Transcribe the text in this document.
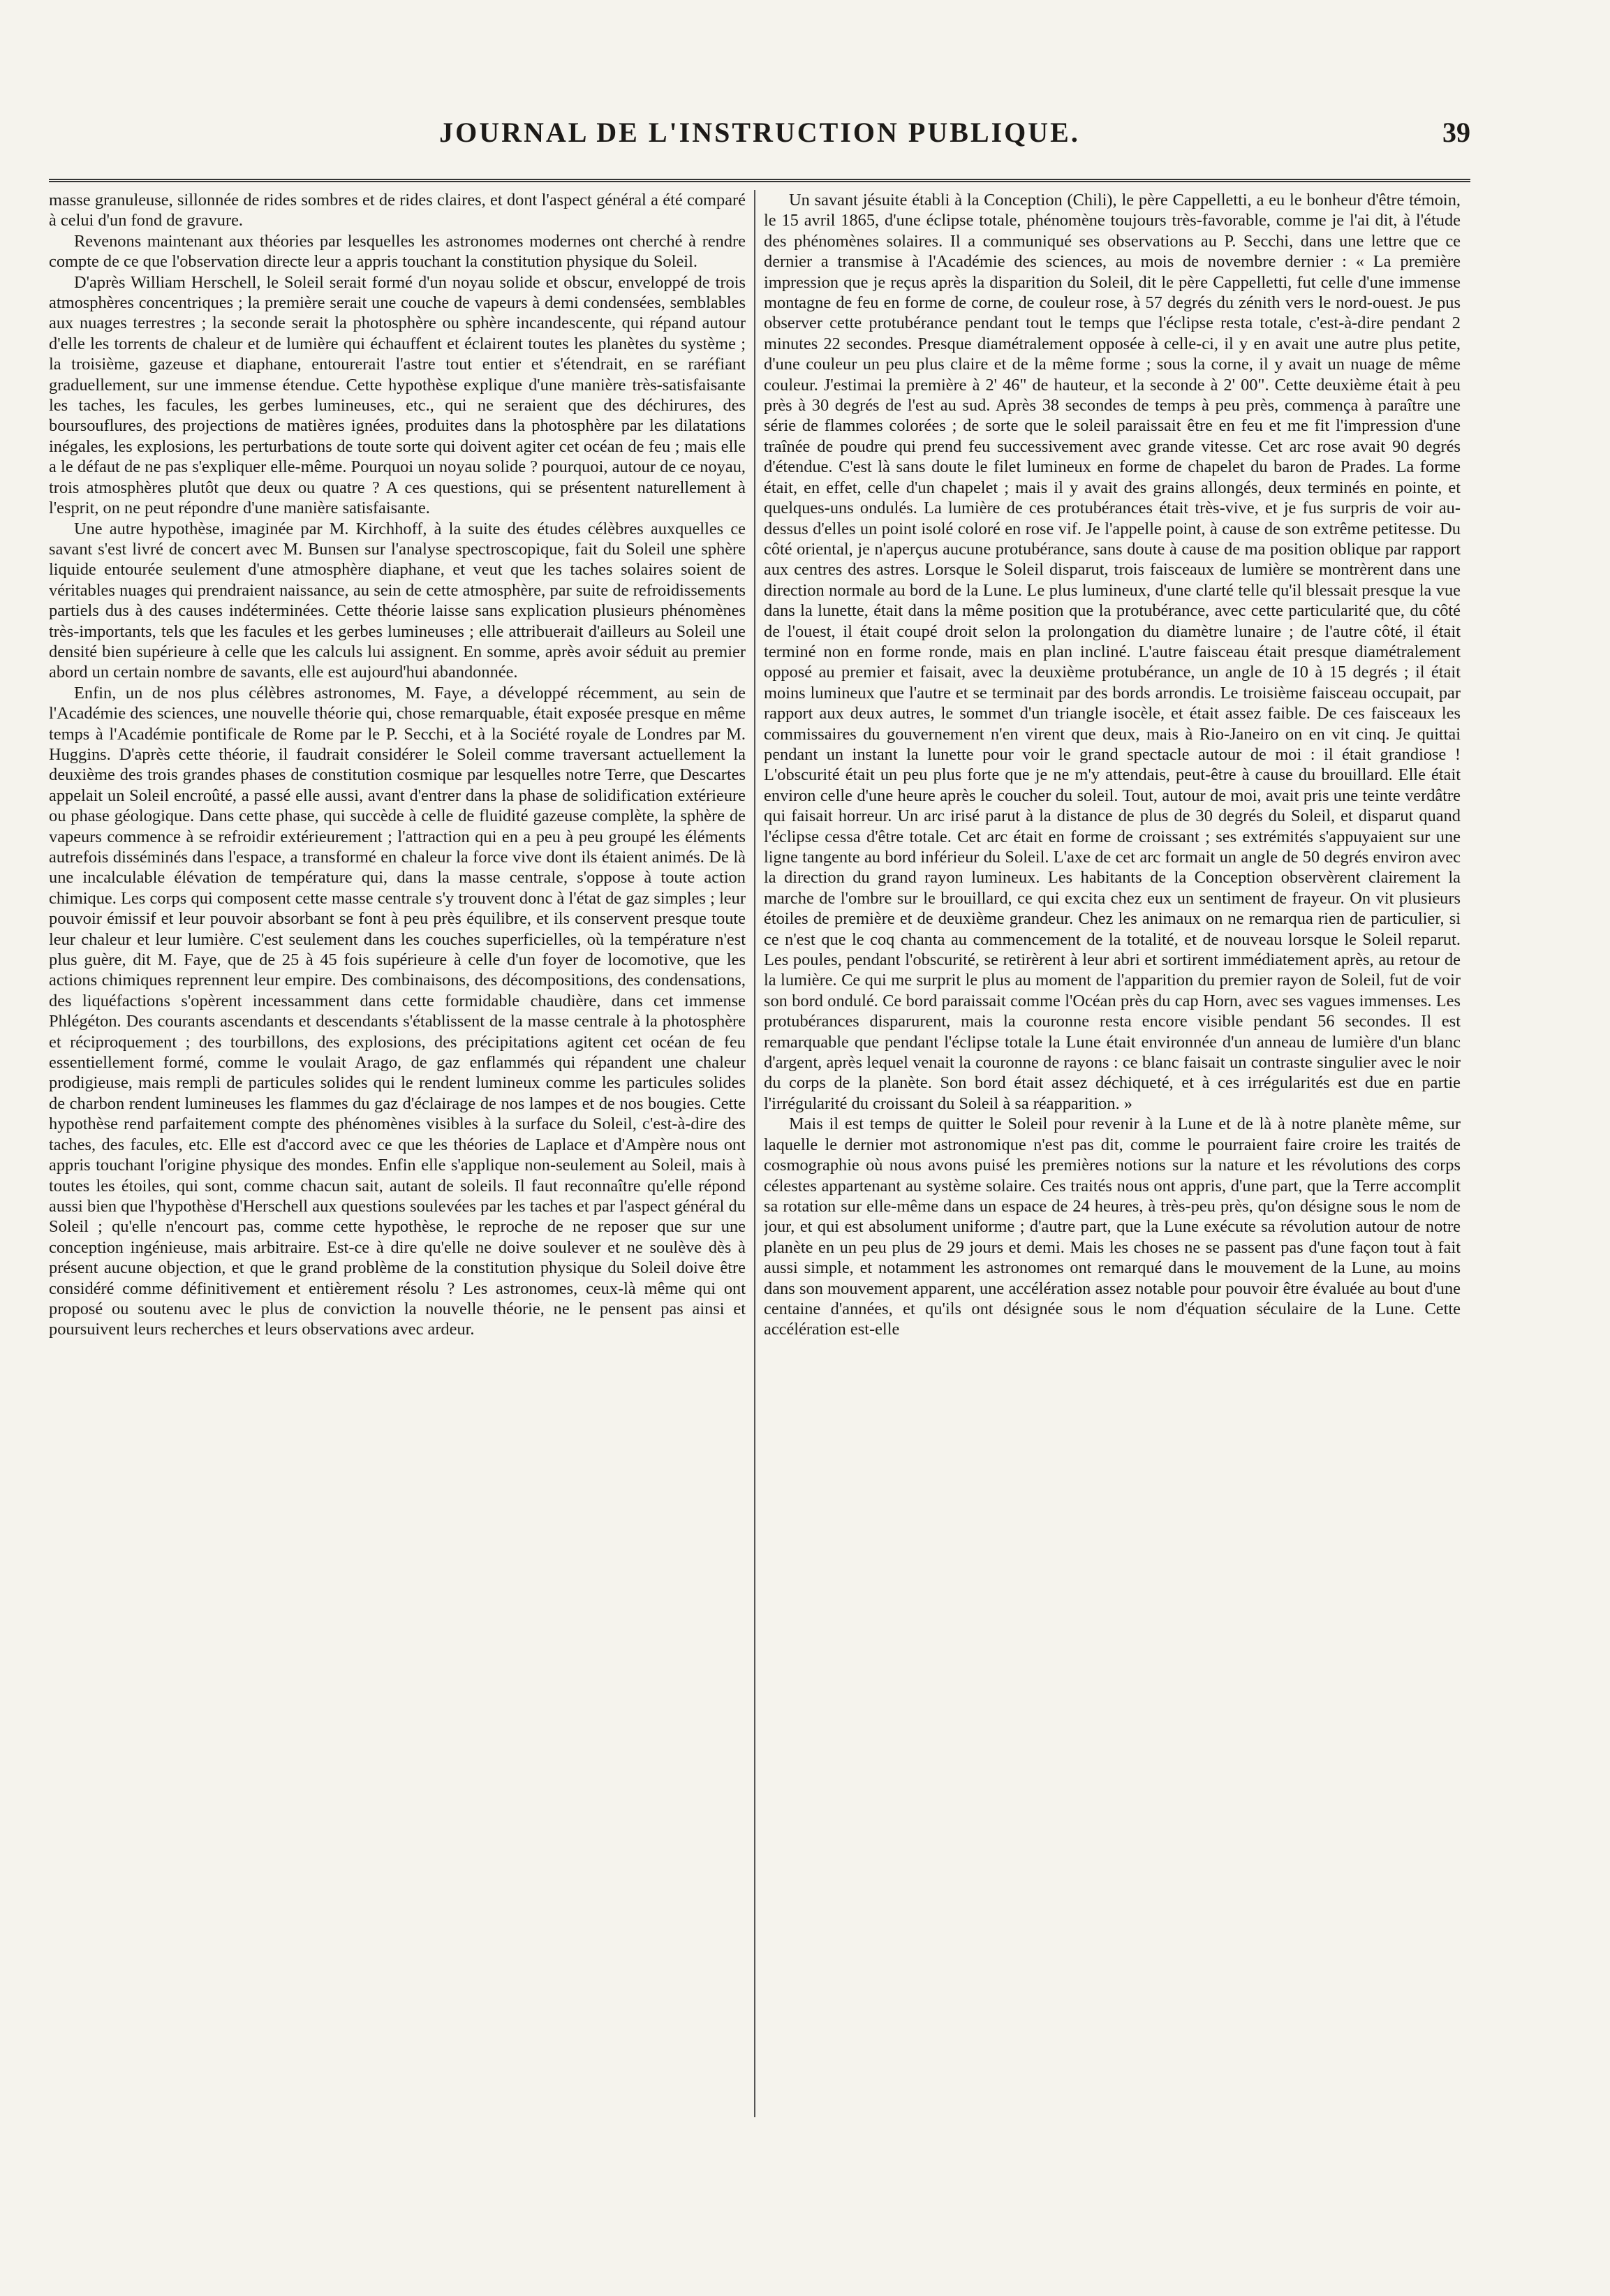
JOURNAL DE L'INSTRUCTION PUBLIQUE.	39

masse granuleuse, sillonnée de rides sombres et de rides claires, et dont l'aspect général a été comparé à celui d'un fond de gravure.

Revenons maintenant aux théories par lesquelles les astronomes modernes ont cherché à rendre compte de ce que l'observation directe leur a appris touchant la constitution physique du Soleil.

D'après William Herschell, le Soleil serait formé d'un noyau solide et obscur, enveloppé de trois atmosphères concentriques ; la première serait une couche de vapeurs à demi condensées, semblables aux nuages terrestres ; la seconde serait la photosphère ou sphère incandescente, qui répand autour d'elle les torrents de chaleur et de lumière qui échauffent et éclairent toutes les planètes du système ; la troisième, gazeuse et diaphane, entourerait l'astre tout entier et s'étendrait, en se raréfiant graduellement, sur une immense étendue. Cette hypothèse explique d'une manière très-satisfaisante les taches, les facules, les gerbes lumineuses, etc., qui ne seraient que des déchirures, des boursouflures, des projections de matières ignées, produites dans la photosphère par les dilatations inégales, les explosions, les perturbations de toute sorte qui doivent agiter cet océan de feu ; mais elle a le défaut de ne pas s'expliquer elle-même. Pourquoi un noyau solide ? pourquoi, autour de ce noyau, trois atmosphères plutôt que deux ou quatre ? A ces questions, qui se présentent naturellement à l'esprit, on ne peut répondre d'une manière satisfaisante.

Une autre hypothèse, imaginée par M. Kirchhoff, à la suite des études célèbres auxquelles ce savant s'est livré de concert avec M. Bunsen sur l'analyse spectroscopique, fait du Soleil une sphère liquide entourée seulement d'une atmosphère diaphane, et veut que les taches solaires soient de véritables nuages qui prendraient naissance, au sein de cette atmosphère, par suite de refroidissements partiels dus à des causes indéterminées. Cette théorie laisse sans explication plusieurs phénomènes très-importants, tels que les facules et les gerbes lumineuses ; elle attribuerait d'ailleurs au Soleil une densité bien supérieure à celle que les calculs lui assignent. En somme, après avoir séduit au premier abord un certain nombre de savants, elle est aujourd'hui abandonnée.

Enfin, un de nos plus célèbres astronomes, M. Faye, a développé récemment, au sein de l'Académie des sciences, une nouvelle théorie qui, chose remarquable, était exposée presque en même temps à l'Académie pontificale de Rome par le P. Secchi, et à la Société royale de Londres par M. Huggins. D'après cette théorie, il faudrait considérer le Soleil comme traversant actuellement la deuxième des trois grandes phases de constitution cosmique par lesquelles notre Terre, que Descartes appelait un Soleil encroûté, a passé elle aussi, avant d'entrer dans la phase de solidification extérieure ou phase géologique. Dans cette phase, qui succède à celle de fluidité gazeuse complète, la sphère de vapeurs commence à se refroidir extérieurement ; l'attraction qui en a peu à peu groupé les éléments autrefois disséminés dans l'espace, a transformé en chaleur la force vive dont ils étaient animés. De là une incalculable élévation de température qui, dans la masse centrale, s'oppose à toute action chimique. Les corps qui composent cette masse centrale s'y trouvent donc à l'état de gaz simples ; leur pouvoir émissif et leur pouvoir absorbant se font à peu près équilibre, et ils conservent presque toute leur chaleur et leur lumière. C'est seulement dans les couches superficielles, où la température n'est plus guère, dit M. Faye, que de 25 à 45 fois supérieure à celle d'un foyer de locomotive, que les actions chimiques reprennent leur empire. Des combinaisons, des décompositions, des condensations, des liquéfactions s'opèrent incessamment dans cette formidable chaudière, dans cet immense Phlégéton. Des courants ascendants et descendants s'établissent de la masse centrale à la photosphère et réciproquement ; des tourbillons, des explosions, des précipitations agitent cet océan de feu essentiellement formé, comme le voulait Arago, de gaz enflammés qui répandent une chaleur prodigieuse, mais rempli de particules solides qui le rendent lumineux comme les particules solides de charbon rendent lumineuses les flammes du gaz d'éclairage de nos lampes et de nos bougies. Cette hypothèse rend parfaitement compte des phénomènes visibles à la surface du Soleil, c'est-à-dire des taches, des facules, etc. Elle est d'accord avec ce que les théories de Laplace et d'Ampère nous ont appris touchant l'origine physique des mondes. Enfin elle s'applique non-seulement au Soleil, mais à toutes les étoiles, qui sont, comme chacun sait, autant de soleils. Il faut reconnaître qu'elle répond aussi bien que l'hypothèse d'Herschell aux questions soulevées par les taches et par l'aspect général du Soleil ; qu'elle n'encourt pas, comme cette hypothèse, le reproche de ne reposer que sur une conception ingénieuse, mais arbitraire. Est-ce à dire qu'elle ne doive soulever et ne soulève dès à présent aucune objection, et que le grand problème de la constitution physique du Soleil doive être considéré comme définitivement et entièrement résolu ? Les astronomes, ceux-là même qui ont proposé ou soutenu avec le plus de conviction la nouvelle théorie, ne le pensent pas ainsi et poursuivent leurs recherches et leurs observations avec ardeur.

Un savant jésuite établi à la Conception (Chili), le père Cappelletti, a eu le bonheur d'être témoin, le 15 avril 1865, d'une éclipse totale, phénomène toujours très-favorable, comme je l'ai dit, à l'étude des phénomènes solaires. Il a communiqué ses observations au P. Secchi, dans une lettre que ce dernier a transmise à l'Académie des sciences, au mois de novembre dernier : « La première impression que je reçus après la disparition du Soleil, dit le père Cappelletti, fut celle d'une immense montagne de feu en forme de corne, de couleur rose, à 57 degrés du zénith vers le nord-ouest. Je pus observer cette protubérance pendant tout le temps que l'éclipse resta totale, c'est-à-dire pendant 2 minutes 22 secondes. Presque diamétralement opposée à celle-ci, il y en avait une autre plus petite, d'une couleur un peu plus claire et de la même forme ; sous la corne, il y avait un nuage de même couleur. J'estimai la première à 2' 46" de hauteur, et la seconde à 2' 00". Cette deuxième était à peu près à 30 degrés de l'est au sud. Après 38 secondes de temps à peu près, commença à paraître une série de flammes colorées ; de sorte que le soleil paraissait être en feu et me fit l'impression d'une traînée de poudre qui prend feu successivement avec grande vitesse. Cet arc rose avait 90 degrés d'étendue. C'est là sans doute le filet lumineux en forme de chapelet du baron de Prades. La forme était, en effet, celle d'un chapelet ; mais il y avait des grains allongés, deux terminés en pointe, et quelques-uns ondulés. La lumière de ces protubérances était très-vive, et je fus surpris de voir au-dessus d'elles un point isolé coloré en rose vif. Je l'appelle point, à cause de son extrême petitesse. Du côté oriental, je n'aperçus aucune protubérance, sans doute à cause de ma position oblique par rapport aux centres des astres. Lorsque le Soleil disparut, trois faisceaux de lumière se montrèrent dans une direction normale au bord de la Lune. Le plus lumineux, d'une clarté telle qu'il blessait presque la vue dans la lunette, était dans la même position que la protubérance, avec cette particularité que, du côté de l'ouest, il était coupé droit selon la prolongation du diamètre lunaire ; de l'autre côté, il était terminé non en forme ronde, mais en plan incliné. L'autre faisceau était presque diamétralement opposé au premier et faisait, avec la deuxième protubérance, un angle de 10 à 15 degrés ; il était moins lumineux que l'autre et se terminait par des bords arrondis. Le troisième faisceau occupait, par rapport aux deux autres, le sommet d'un triangle isocèle, et était assez faible. De ces faisceaux les commissaires du gouvernement n'en virent que deux, mais à Rio-Janeiro on en vit cinq. Je quittai pendant un instant la lunette pour voir le grand spectacle autour de moi : il était grandiose ! L'obscurité était un peu plus forte que je ne m'y attendais, peut-être à cause du brouillard. Elle était environ celle d'une heure après le coucher du soleil. Tout, autour de moi, avait pris une teinte verdâtre qui faisait horreur. Un arc irisé parut à la distance de plus de 30 degrés du Soleil, et disparut quand l'éclipse cessa d'être totale. Cet arc était en forme de croissant ; ses extrémités s'appuyaient sur une ligne tangente au bord inférieur du Soleil. L'axe de cet arc formait un angle de 50 degrés environ avec la direction du grand rayon lumineux. Les habitants de la Conception observèrent clairement la marche de l'ombre sur le brouillard, ce qui excita chez eux un sentiment de frayeur. On vit plusieurs étoiles de première et de deuxième grandeur. Chez les animaux on ne remarqua rien de particulier, si ce n'est que le coq chanta au commencement de la totalité, et de nouveau lorsque le Soleil reparut. Les poules, pendant l'obscurité, se retirèrent à leur abri et sortirent immédiatement après, au retour de la lumière. Ce qui me surprit le plus au moment de l'apparition du premier rayon de Soleil, fut de voir son bord ondulé. Ce bord paraissait comme l'Océan près du cap Horn, avec ses vagues immenses. Les protubérances disparurent, mais la couronne resta encore visible pendant 56 secondes. Il est remarquable que pendant l'éclipse totale la Lune était environnée d'un anneau de lumière d'un blanc d'argent, après lequel venait la couronne de rayons : ce blanc faisait un contraste singulier avec le noir du corps de la planète. Son bord était assez déchiqueté, et à ces irrégularités est due en partie l'irrégularité du croissant du Soleil à sa réapparition. »

Mais il est temps de quitter le Soleil pour revenir à la Lune et de là à notre planète même, sur laquelle le dernier mot astronomique n'est pas dit, comme le pourraient faire croire les traités de cosmographie où nous avons puisé les premières notions sur la nature et les révolutions des corps célestes appartenant au système solaire. Ces traités nous ont appris, d'une part, que la Terre accomplit sa rotation sur elle-même dans un espace de 24 heures, à très-peu près, qu'on désigne sous le nom de jour, et qui est absolument uniforme ; d'autre part, que la Lune exécute sa révolution autour de notre planète en un peu plus de 29 jours et demi. Mais les choses ne se passent pas d'une façon tout à fait aussi simple, et notamment les astronomes ont remarqué dans le mouvement de la Lune, au moins dans son mouvement apparent, une accélération assez notable pour pouvoir être évaluée au bout d'une centaine d'années, et qu'ils ont désignée sous le nom d'équation séculaire de la Lune. Cette accélération est-elle
